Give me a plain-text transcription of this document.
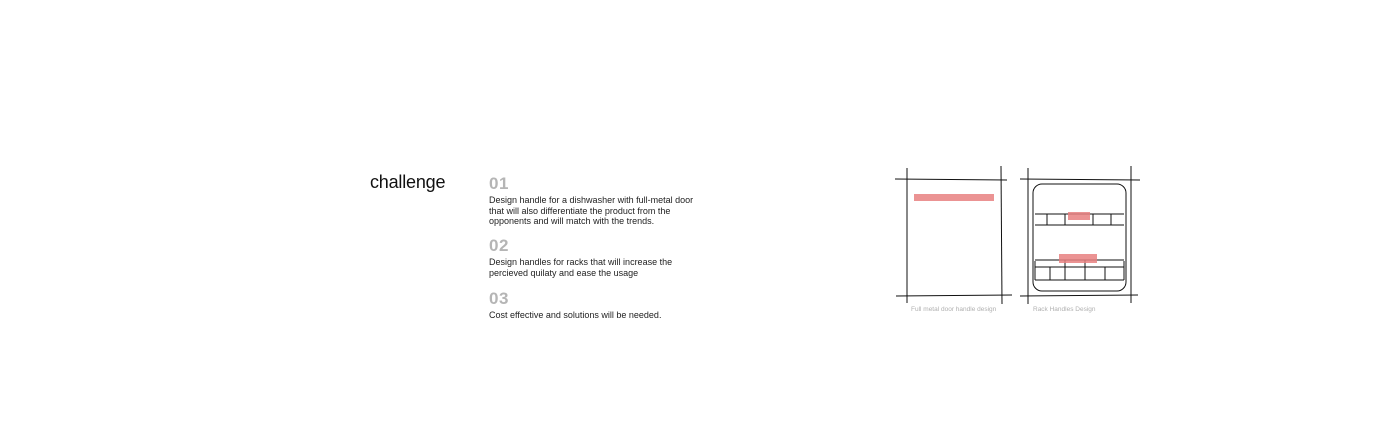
challenge	01
Design handle for a dishwasher with full-metal door
that will also differentiate the product from the
opponents and will match with the trends.
02
Design handles for racks that will increase the
percieved quilaty and ease the usage
03
Cost effective and solutions will be needed.
Full metal door handle design	Rack Handles Design
